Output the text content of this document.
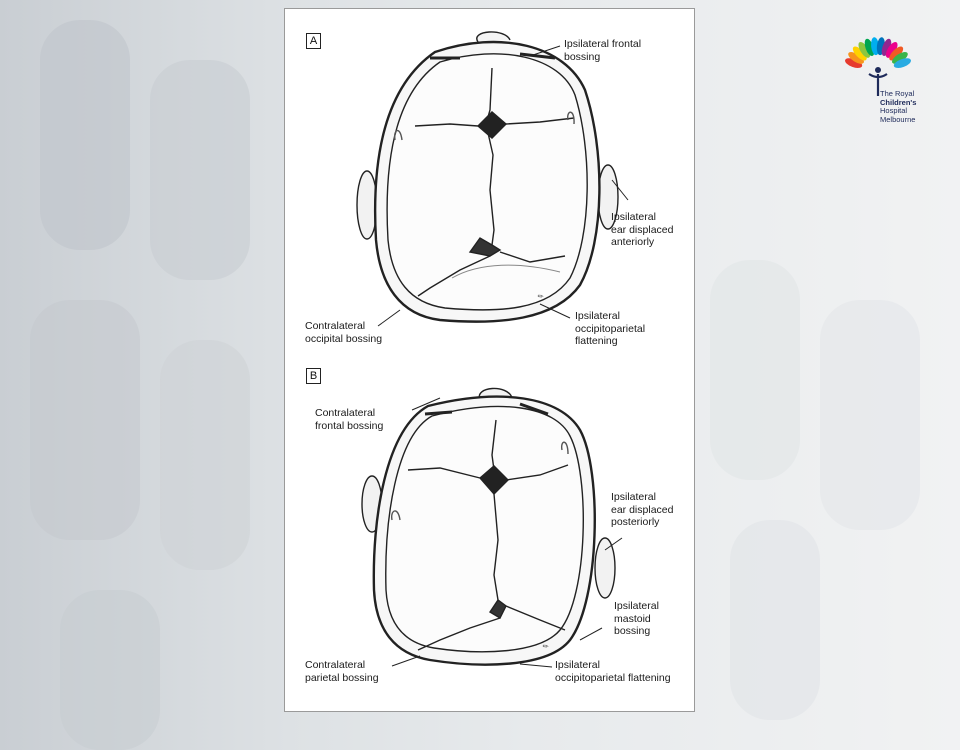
✎
✎
A	Ipsilateral frontal
bossing
Ipsilateral
ear displaced
anteriorly
Contralateral
occipital bossing
Ipsilateral
occipitoparietal
flattening
B
Contralateral
frontal bossing
Ipsilateral
ear displaced
posteriorly
Ipsilateral
mastoid
bossing
Contralateral
parietal bossing
Ipsilateral
occipitoparietal flattening
The Royal
Children's
Hospital
Melbourne
